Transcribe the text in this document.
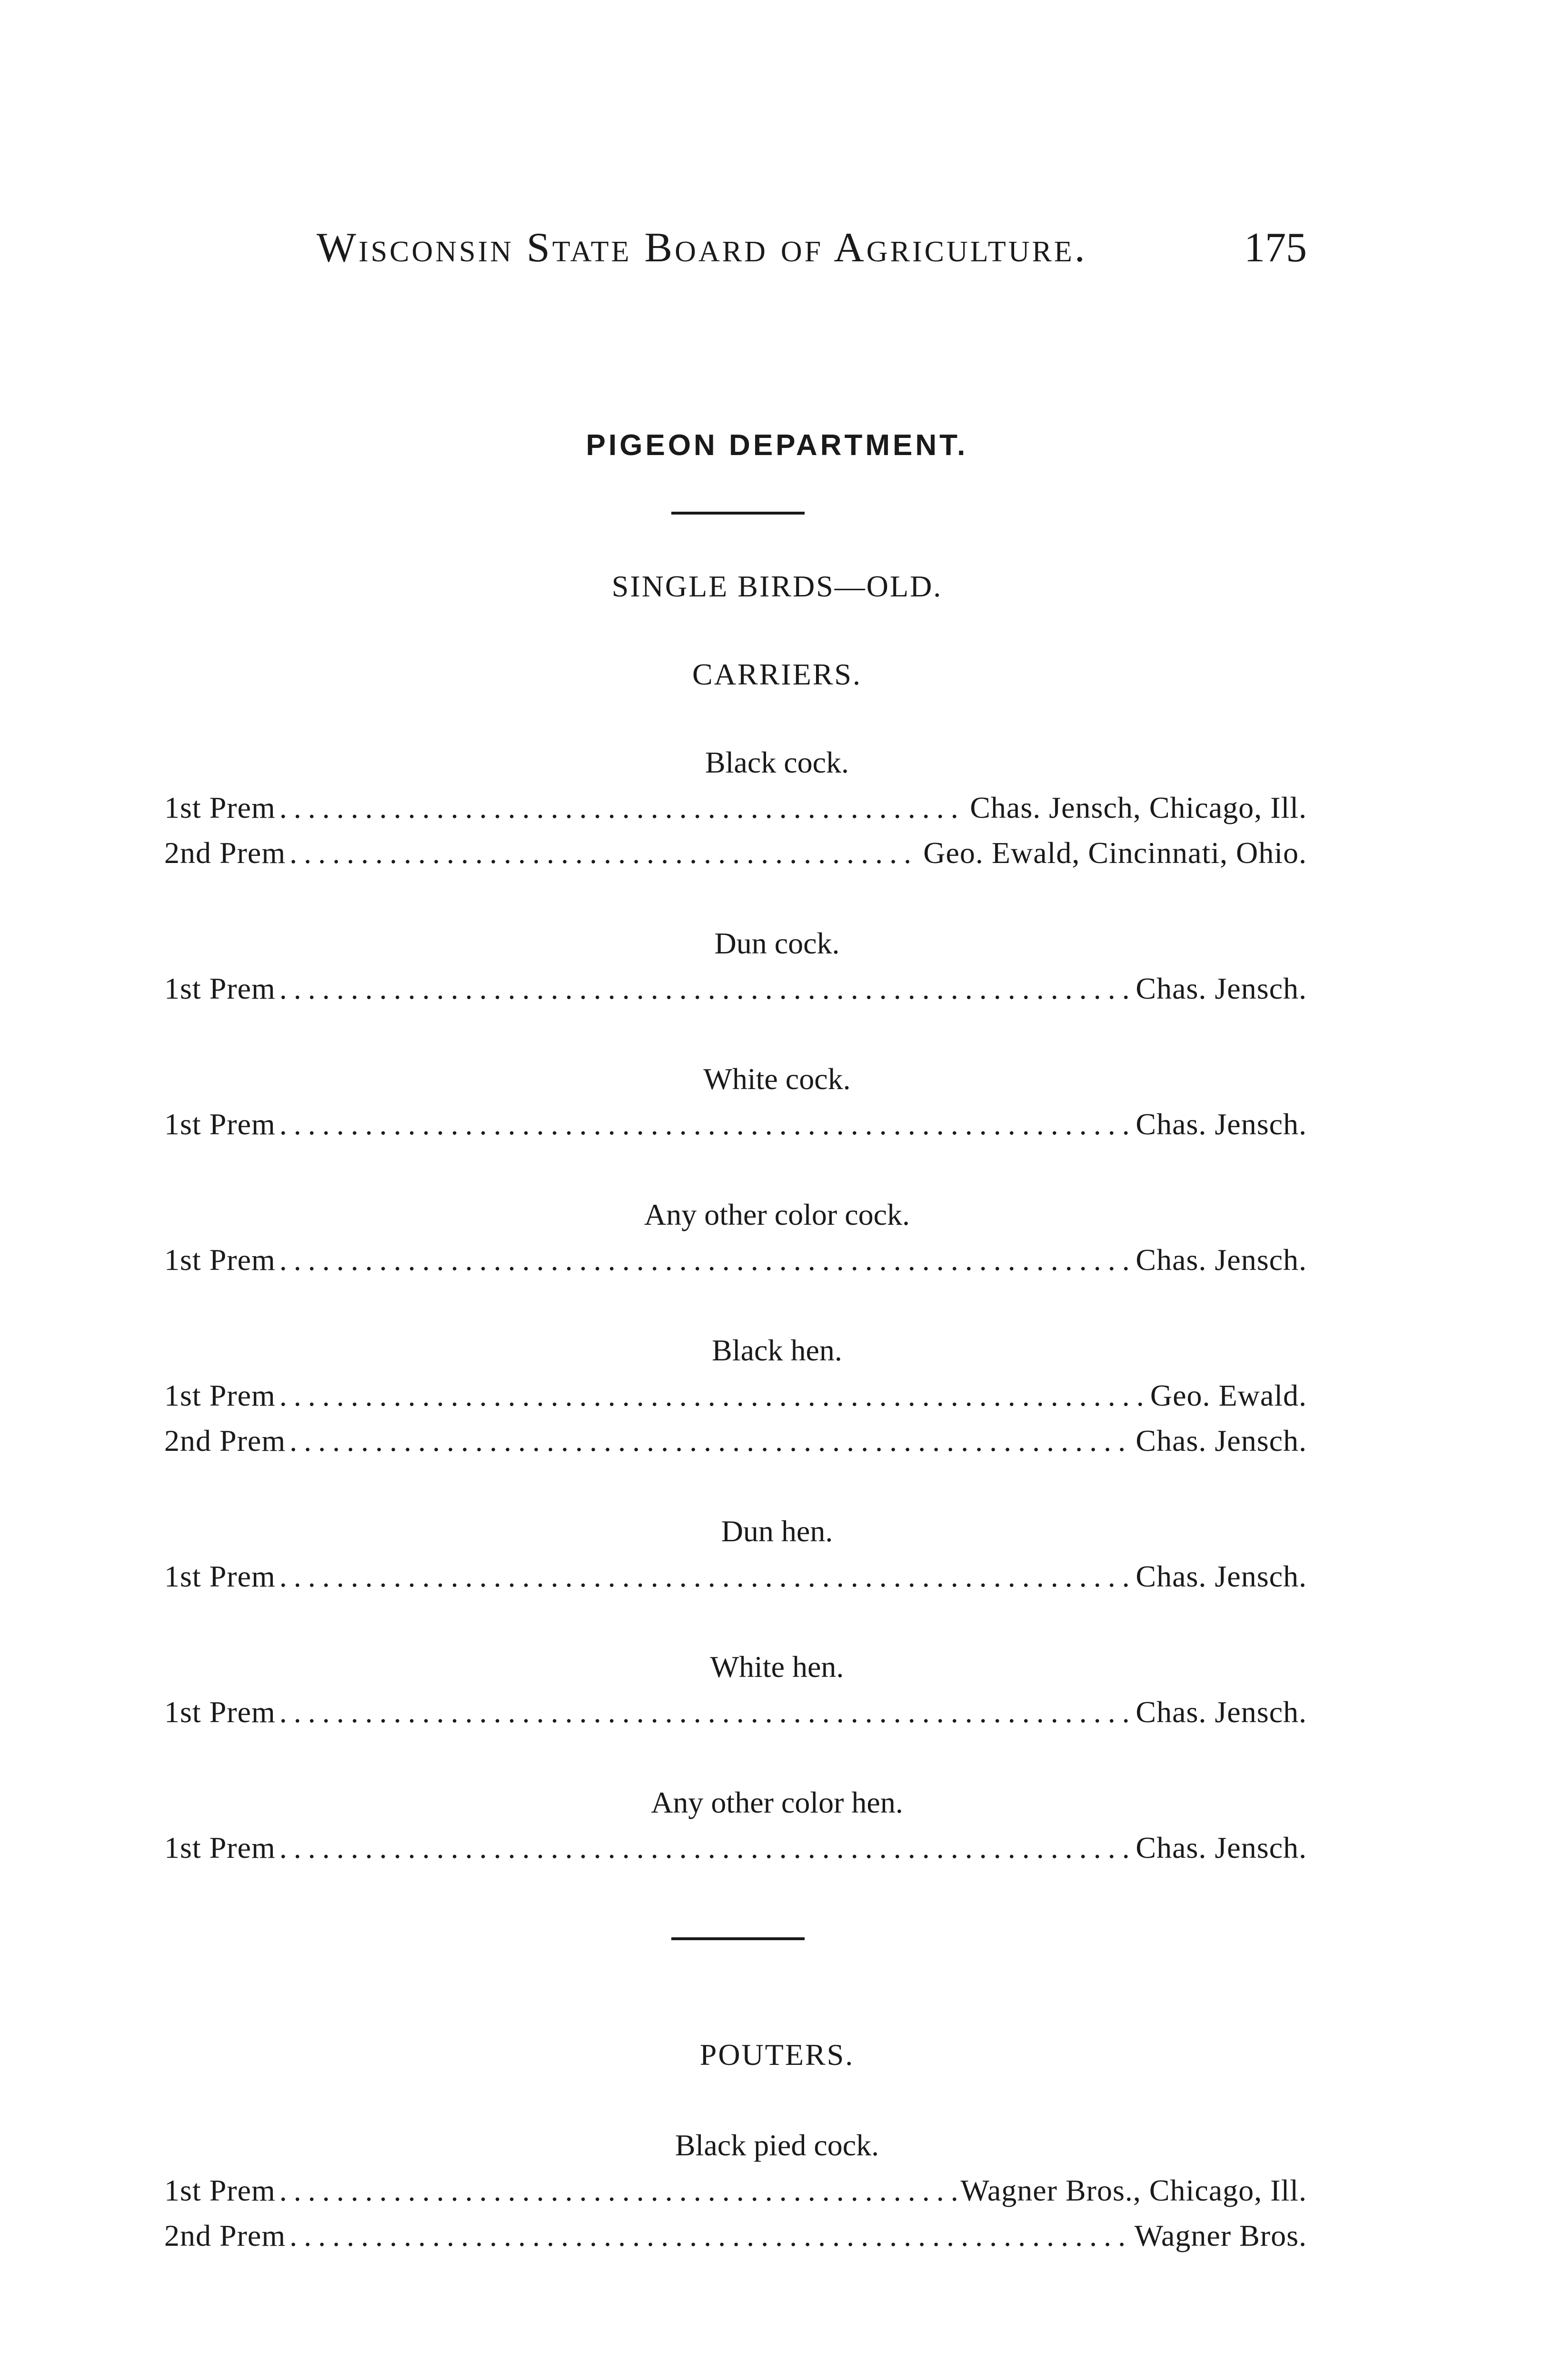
Wisconsin State Board of Agriculture.	175
PIGEON DEPARTMENT.
SINGLE BIRDS—OLD.
CARRIERS.
Black cock.
1st Prem .....	Chas. Jensch, Chicago, Ill.
2nd Prem .....	Geo. Ewald, Cincinnati, Ohio.
Dun cock.
1st Prem .....	Chas. Jensch.
White cock.
1st Prem .....	Chas. Jensch.
Any other color cock.
1st Prem .....	Chas. Jensch.
Black hen.
1st Prem .....	Geo. Ewald.
2nd Prem .....	Chas. Jensch.
Dun hen.
1st Prem .....	Chas. Jensch.
White hen.
1st Prem .....	Chas. Jensch.
Any other color hen.
1st Prem .....	Chas. Jensch.
POUTERS.
Black pied cock.
1st Prem .....	Wagner Bros., Chicago, Ill.
2nd Prem .....	Wagner Bros.
